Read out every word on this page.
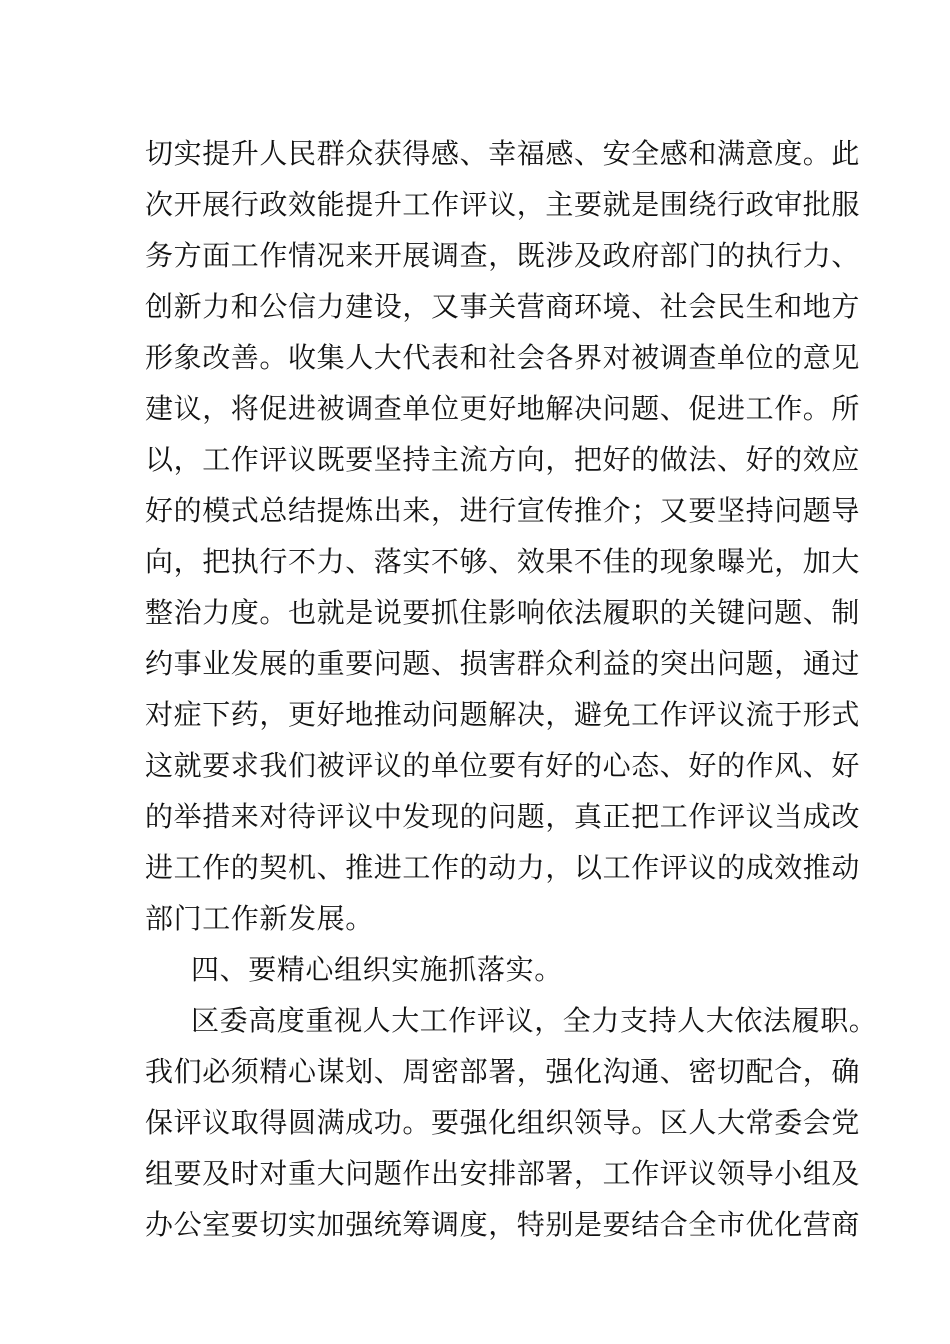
切实提升人民群众获得感、幸福感、安全感和满意度。此
次开展行政效能提升工作评议，主要就是围绕行政审批服
务方面工作情况来开展调查，既涉及政府部门的执行力、
创新力和公信力建设，又事关营商环境、社会民生和地方
形象改善。收集人大代表和社会各界对被调查单位的意见
建议，将促进被调查单位更好地解决问题、促进工作。所
以，工作评议既要坚持主流方向，把好的做法、好的效应
好的模式总结提炼出来，进行宣传推介；又要坚持问题导
向，把执行不力、落实不够、效果不佳的现象曝光，加大
整治力度。也就是说要抓住影响依法履职的关键问题、制
约事业发展的重要问题、损害群众利益的突出问题，通过
对症下药，更好地推动问题解决，避免工作评议流于形式
这就要求我们被评议的单位要有好的心态、好的作风、好
的举措来对待评议中发现的问题，真正把工作评议当成改
进工作的契机、推进工作的动力，以工作评议的成效推动
部门工作新发展。
四、要精心组织实施抓落实。
区委高度重视人大工作评议，全力支持人大依法履职。
我们必须精心谋划、周密部署，强化沟通、密切配合，确
保评议取得圆满成功。要强化组织领导。区人大常委会党
组要及时对重大问题作出安排部署，工作评议领导小组及
办公室要切实加强统筹调度，特别是要结合全市优化营商
